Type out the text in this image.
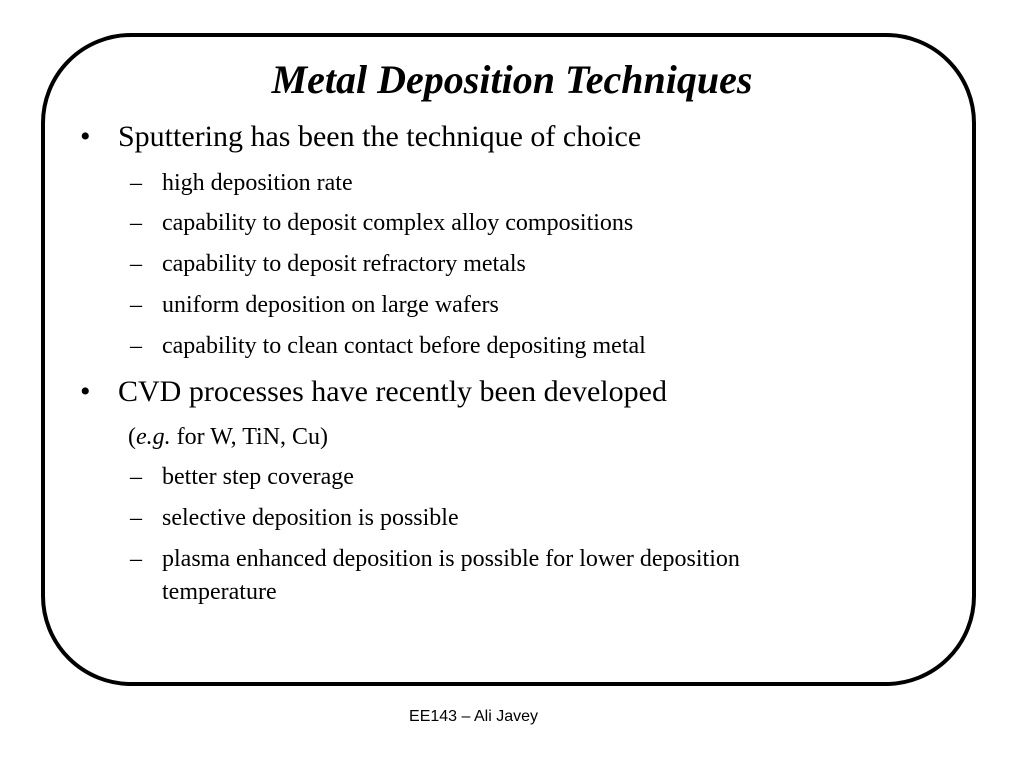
Metal Deposition Techniques
• Sputtering has been the technique of choice
– high deposition rate
– capability to deposit complex alloy compositions
– capability to deposit refractory metals
– uniform deposition on large wafers
– capability to clean contact before depositing metal
• CVD processes have recently been developed
(e.g. for W, TiN, Cu)
– better step coverage
– selective deposition is possible
– plasma enhanced deposition is possible for lower deposition
temperature
EE143 – Ali Javey
